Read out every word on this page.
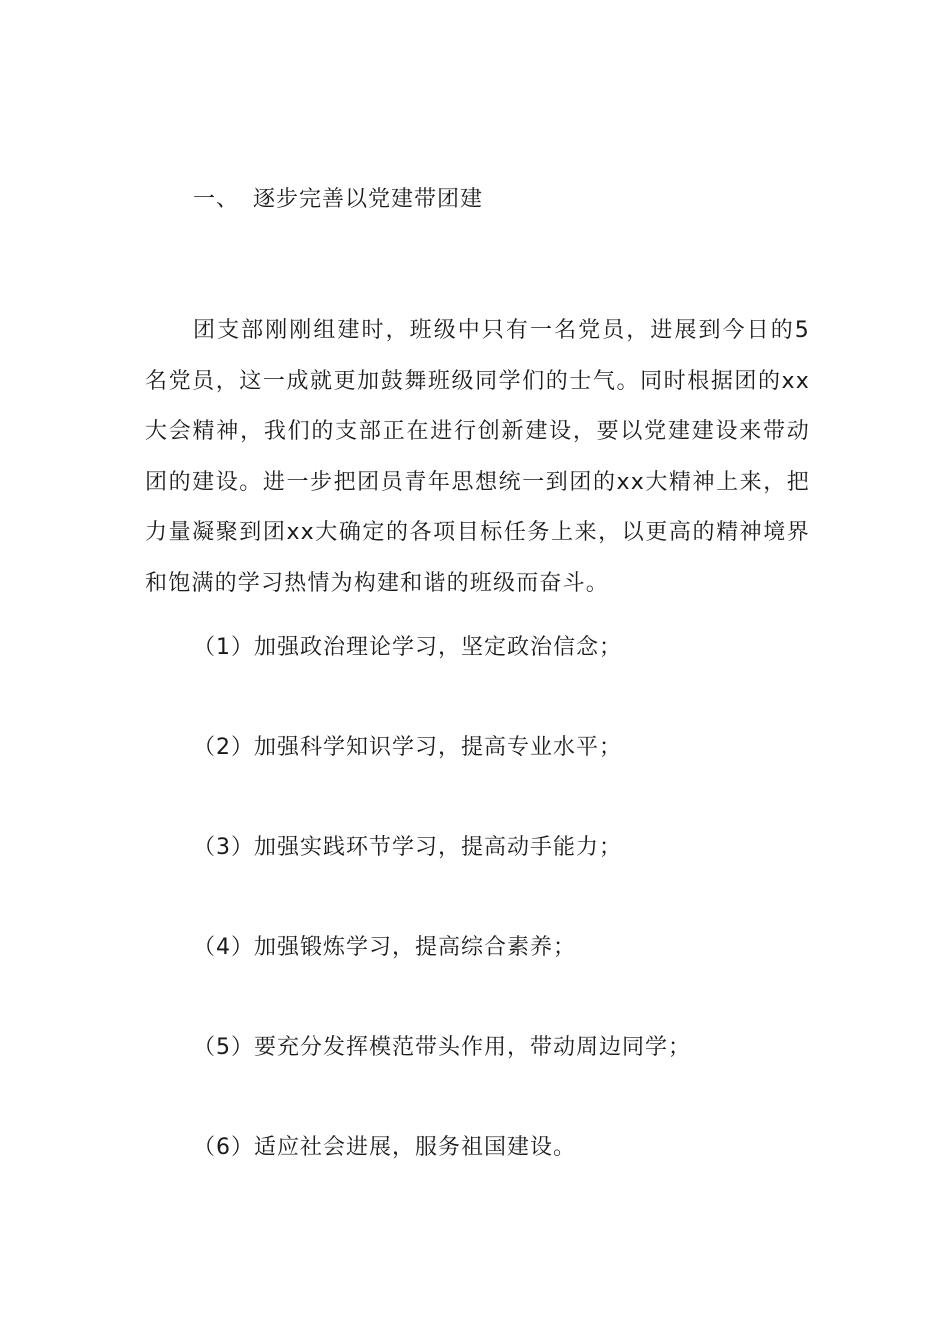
一、 逐步完善以党建带团建

团支部刚刚组建时，班级中只有一名党员，进展到今日的5名党员，这一成就更加鼓舞班级同学们的士气。同时根据团的xx大会精神，我们的支部正在进行创新建设，要以党建建设来带动团的建设。进一步把团员青年思想统一到团的xx大精神上来，把力量凝聚到团xx大确定的各项目标任务上来，以更高的精神境界和饱满的学习热情为构建和谐的班级而奋斗。

（1）加强政治理论学习，坚定政治信念；
（2）加强科学知识学习，提高专业水平；
（3）加强实践环节学习，提高动手能力；
（4）加强锻炼学习，提高综合素养；
（5）要充分发挥模范带头作用，带动周边同学；
（6）适应社会进展，服务祖国建设。
